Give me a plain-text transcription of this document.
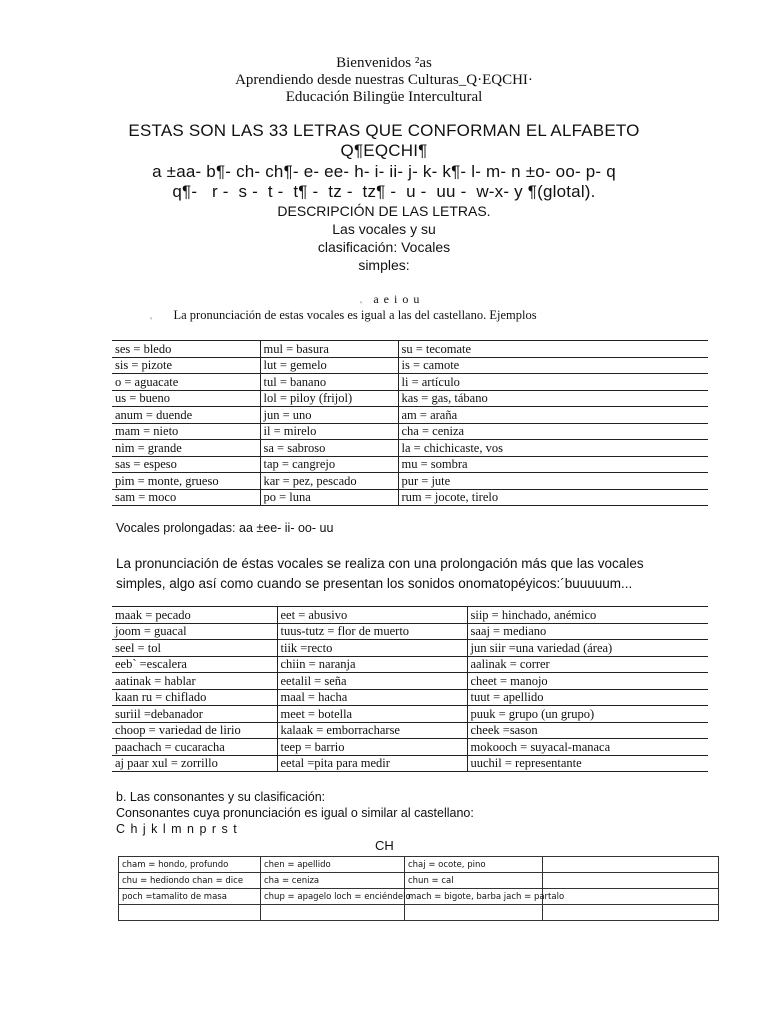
Bienvenidos ²as
Aprendiendo desde nuestras Culturas_Q·EQCHI·
Educación Bilingüe Intercultural
ESTAS SON LAS 33 LETRAS QUE CONFORMAN EL ALFABETO
Q¶EQCHI¶
a ±aa- b¶- ch- ch¶- e- ee- h- i- ii- j- k- k¶- l- m- n ±o- oo- p- q
q¶-   r -  s -  t -  t¶ -  tz -  tz¶ -  u -  uu -  w-x- y ¶(glotal).
DESCRIPCIÓN DE LAS LETRAS.
Las vocales y su
clasificación: Vocales
simples:
ᵥ a e i o u
ᵥ La pronunciación de estas vocales es igual a las del castellano. Ejemplos
ses = bledo	mul = basura	su = tecomate
sis = pizote	lut = gemelo	is = camote
o = aguacate	tul = banano	li = artículo
us = bueno	lol = piloy (frijol)	kas = gas, tábano
anum = duende	jun = uno	am = araña
mam = nieto	il = mirelo	cha = ceniza
nim = grande	sa = sabroso	la = chichicaste, vos
sas = espeso	tap = cangrejo	mu = sombra
pim = monte, grueso	kar = pez, pescado	pur = jute
sam = moco	po = luna	rum = jocote, tirelo
Vocales prolongadas: aa ±ee- ii- oo- uu
La pronunciación de éstas vocales se realiza con una prolongación más que las vocales
simples, algo así como cuando se presentan los sonidos onomatopéyicos:´buuuuum...
maak = pecado	eet = abusivo	siip = hinchado, anémico
joom = guacal	tuus-tutz = flor de muerto	saaj = mediano
seel = tol	tiik =recto	jun siir =una variedad (área)
eeb` =escalera	chiin = naranja	aalinak = correr
aatinak = hablar	eetalil = seña	cheet = manojo
kaan ru = chiflado	maal = hacha	tuut = apellido
suriil =debanador	meet = botella	puuk = grupo (un grupo)
choop = variedad de lirio	kalaak = emborracharse	cheek =sason
paachach = cucaracha	teep = barrio	mokooch = suyacal-manaca
aj paar xul = zorrillo	eetal =pita para medir	uuchil = representante
b. Las consonantes y su clasificación:
Consonantes cuya pronunciación es igual o similar al castellano:
C h j k l m n p r s t
CH
cham = hondo, profundo	chen = apellido	chaj = ocote, pino	
chu = hediondo chan = dice	cha = ceniza	chun = cal	
poch =tamalito de masa	chup = apagelo loch = enciéndelo	mach = bigote, barba jach = partalo	
